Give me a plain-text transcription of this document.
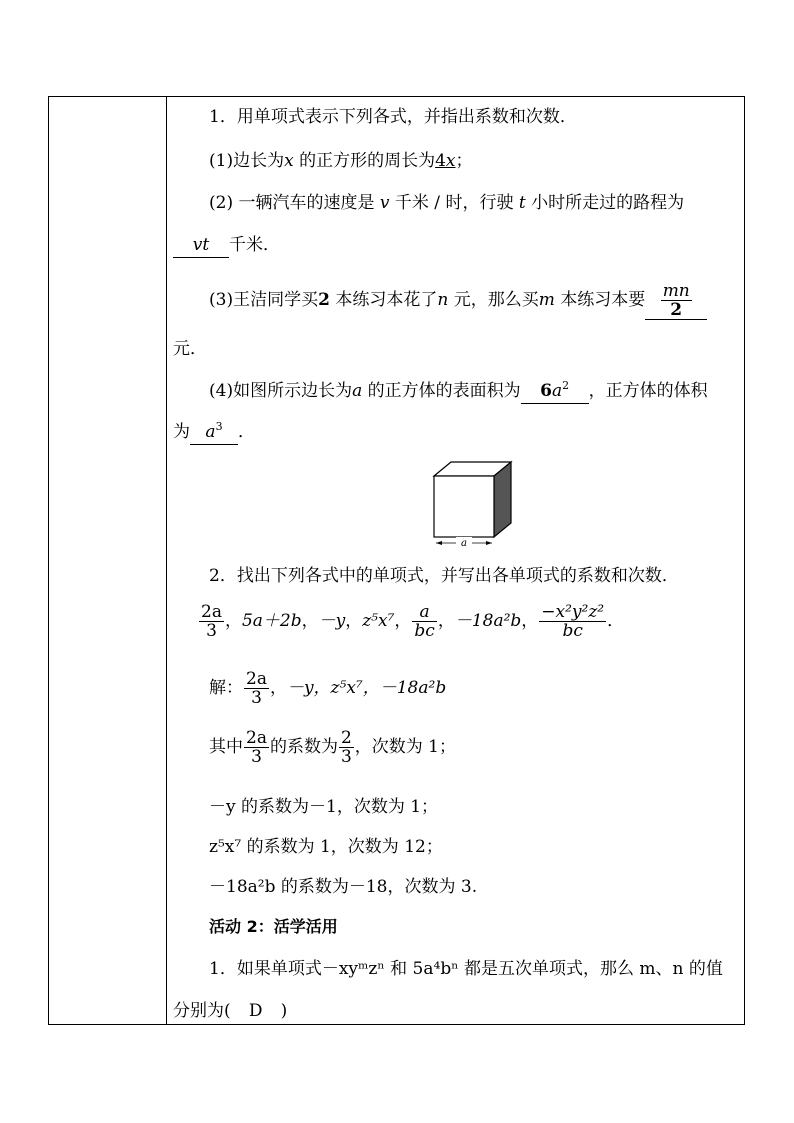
1．用单项式表示下列各式，并指出系数和次数．
(1)边长为x 的正方形的周长为4x；
(2) 一辆汽车的速度是 v 千米 / 时，行驶 t 小时所走过的路程为
vt 千米．
(3)王洁同学买2 本练习本花了n 元，那么买m 本练习本要 $\frac{mn}{2}$
元．
(4)如图所示边长为a 的正方体的表面积为 $6a^2$ ，正方体的体积
为 $a^3$ ．
a
2．找出下列各式中的单项式，并写出各单项式的系数和次数．
$\frac{2a}{3}$ ，5a＋2b，－y，z⁵x⁷， $\frac{a}{bc}$ ，－18a²b， $\frac{\text{−x²y²z²}}{bc}$ ．
解： $\frac{2a}{3}$ ，－y，z⁵x⁷，－18a²b
其中 $\frac{2a}{3}$ 的系数为 $\frac{2}{3}$ ，次数为 1；
－y 的系数为－1，次数为 1；
z⁵x⁷ 的系数为 1，次数为 12；
－18a²b 的系数为－18，次数为 3.
活动 2：活学活用
1．如果单项式－xyᵐzⁿ 和 5a⁴bⁿ 都是五次单项式，那么 m、n 的值
分别为( D )
